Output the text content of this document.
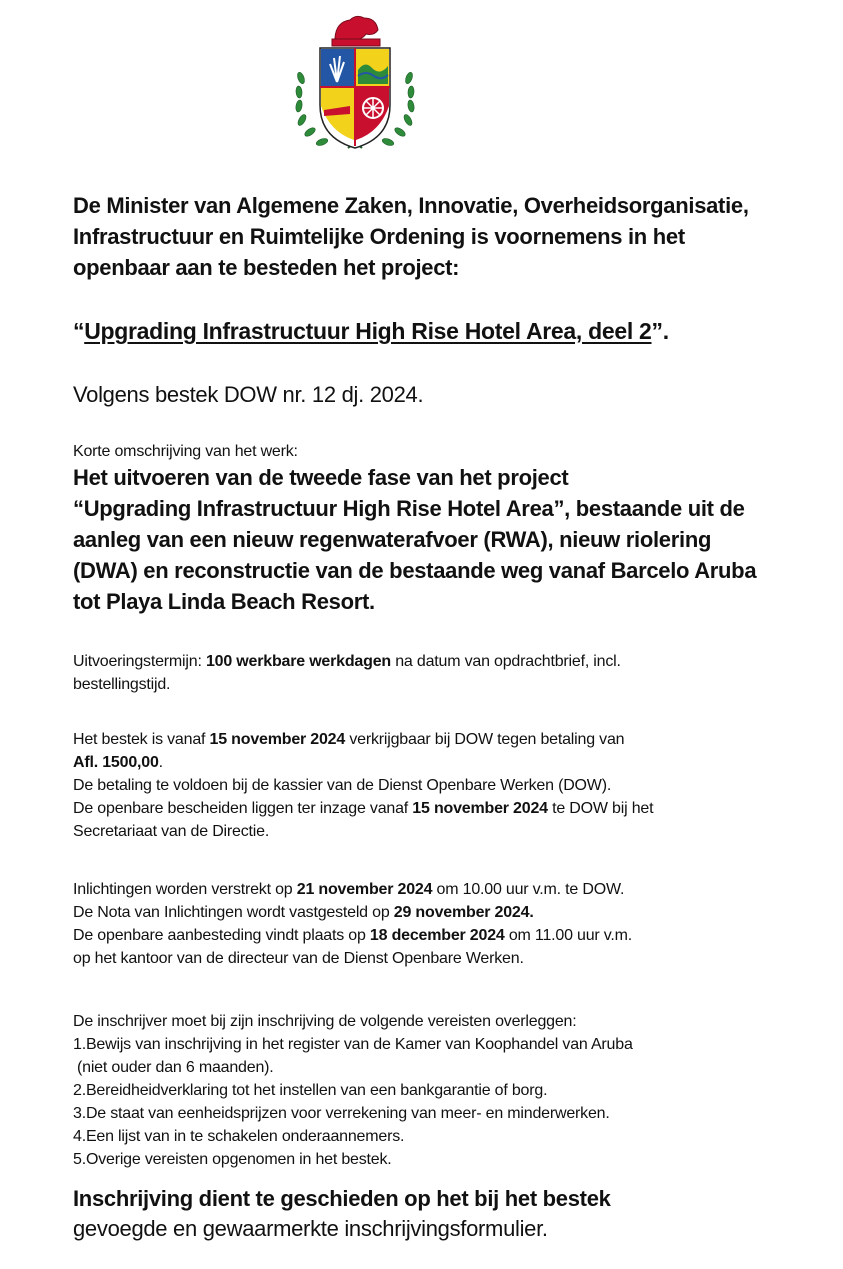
De Minister van Algemene Zaken, Innovatie, Overheidsorganisatie,
Infrastructuur en Ruimtelijke Ordening is voornemens in het
openbaar aan te besteden het project:
“Upgrading Infrastructuur High Rise Hotel Area, deel 2”.
Volgens bestek DOW nr. 12 dj. 2024.
Korte omschrijving van het werk:
Het uitvoeren van de tweede fase van het project
“Upgrading Infrastructuur High Rise Hotel Area”, bestaande uit de
aanleg van een nieuw regenwaterafvoer (RWA), nieuw riolering
(DWA) en reconstructie van de bestaande weg vanaf Barcelo Aruba
tot Playa Linda Beach Resort.
Uitvoeringstermijn: 100 werkbare werkdagen na datum van opdrachtbrief, incl.
bestellingstijd.
Het bestek is vanaf 15 november 2024 verkrijgbaar bij DOW tegen betaling van
Afl. 1500,00.
De betaling te voldoen bij de kassier van de Dienst Openbare Werken (DOW).
De openbare bescheiden liggen ter inzage vanaf 15 november 2024 te DOW bij het
Secretariaat van de Directie.
Inlichtingen worden verstrekt op 21 november 2024 om 10.00 uur v.m. te DOW.
De Nota van Inlichtingen wordt vastgesteld op 29 november 2024.
De openbare aanbesteding vindt plaats op 18 december 2024 om 11.00 uur v.m.
op het kantoor van de directeur van de Dienst Openbare Werken.
De inschrijver moet bij zijn inschrijving de volgende vereisten overleggen:
1.Bewijs van inschrijving in het register van de Kamer van Koophandel van Aruba
(niet ouder dan 6 maanden).
2.Bereidheidverklaring tot het instellen van een bankgarantie of borg.
3.De staat van eenheidsprijzen voor verrekening van meer- en minderwerken.
4.Een lijst van in te schakelen onderaannemers.
5.Overige vereisten opgenomen in het bestek.
Inschrijving dient te geschieden op het bij het bestek
gevoegde en gewaarmerkte inschrijvingsformulier.
